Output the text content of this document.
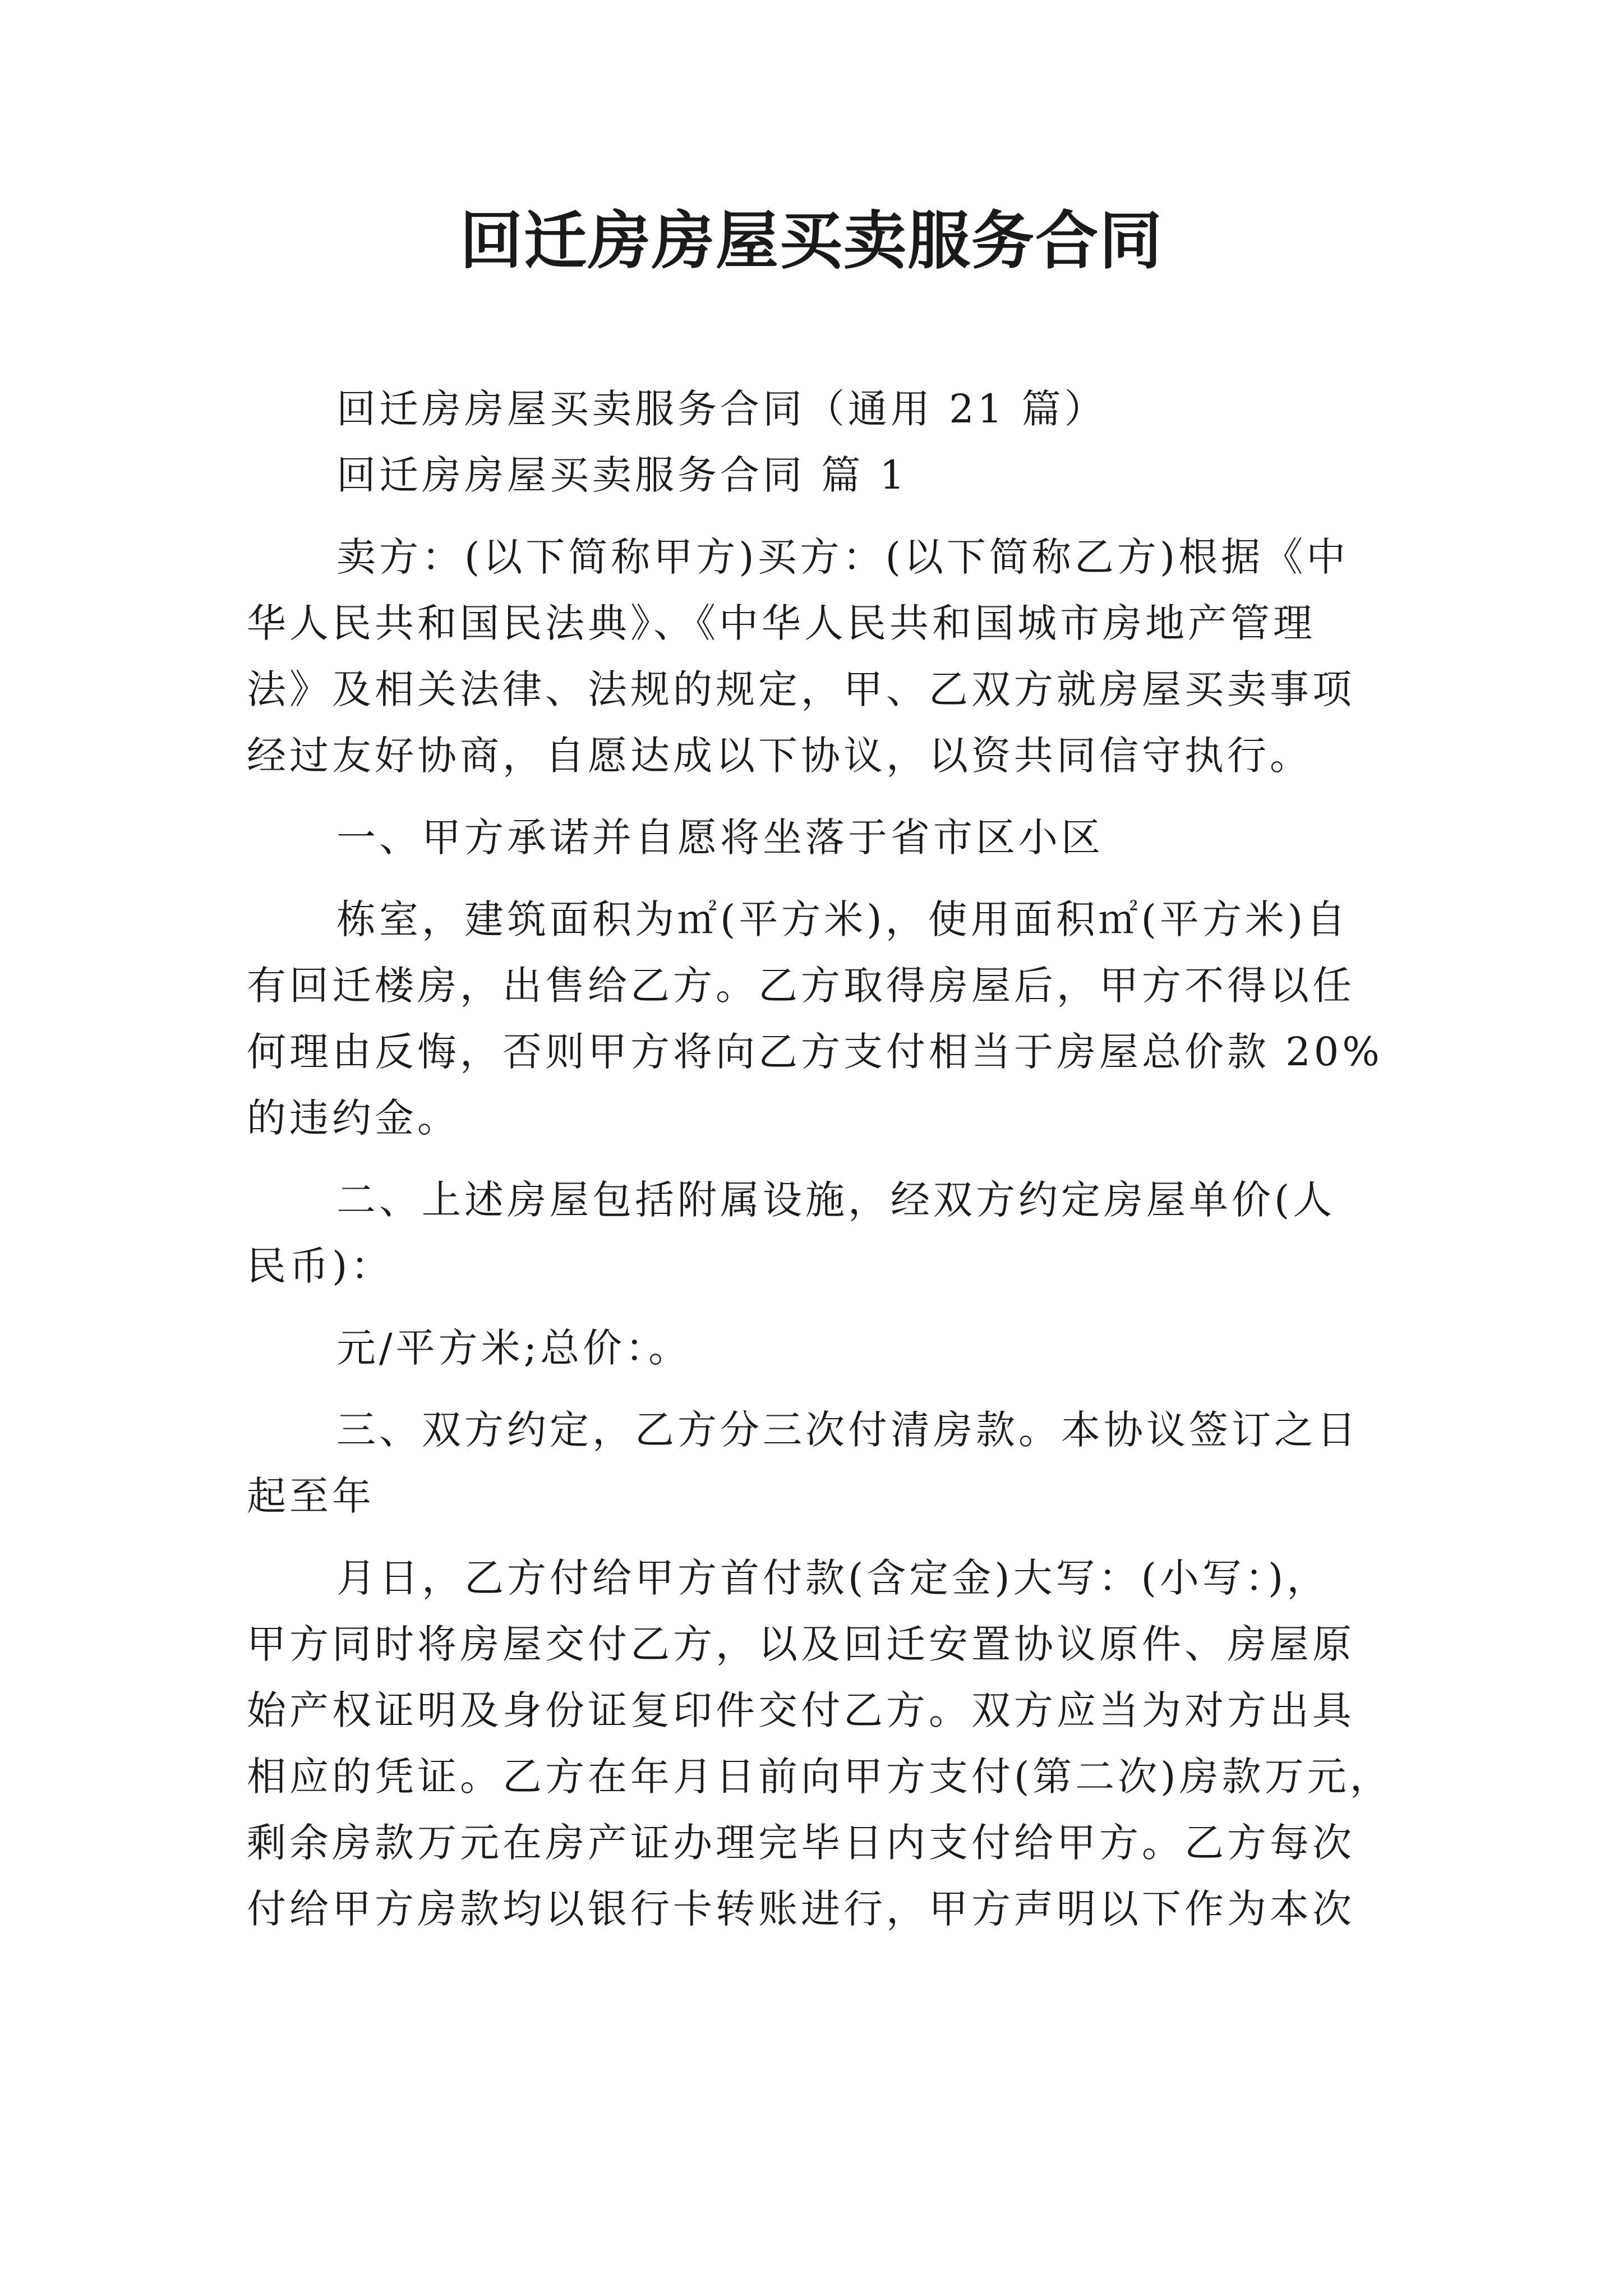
回迁房房屋买卖服务合同
回迁房房屋买卖服务合同（通用 21 篇）
回迁房房屋买卖服务合同 篇 1
卖方：(以下简称甲方)买方：(以下简称乙方)根据《中
华人民共和国民法典》、《中华人民共和国城市房地产管理
法》及相关法律、法规的规定，甲、乙双方就房屋买卖事项
经过友好协商，自愿达成以下协议，以资共同信守执行。
一、甲方承诺并自愿将坐落于省市区小区
栋室，建筑面积为㎡(平方米)，使用面积㎡(平方米)自
有回迁楼房，出售给乙方。乙方取得房屋后，甲方不得以任
何理由反悔，否则甲方将向乙方支付相当于房屋总价款 20%
的违约金。
二、上述房屋包括附属设施，经双方约定房屋单价(人
民币)：
元/平方米;总价：。
三、双方约定，乙方分三次付清房款。本协议签订之日
起至年
月日，乙方付给甲方首付款(含定金)大写：(小写：)，
甲方同时将房屋交付乙方，以及回迁安置协议原件、房屋原
始产权证明及身份证复印件交付乙方。双方应当为对方出具
相应的凭证。乙方在年月日前向甲方支付(第二次)房款万元，
剩余房款万元在房产证办理完毕日内支付给甲方。乙方每次
付给甲方房款均以银行卡转账进行，甲方声明以下作为本次
